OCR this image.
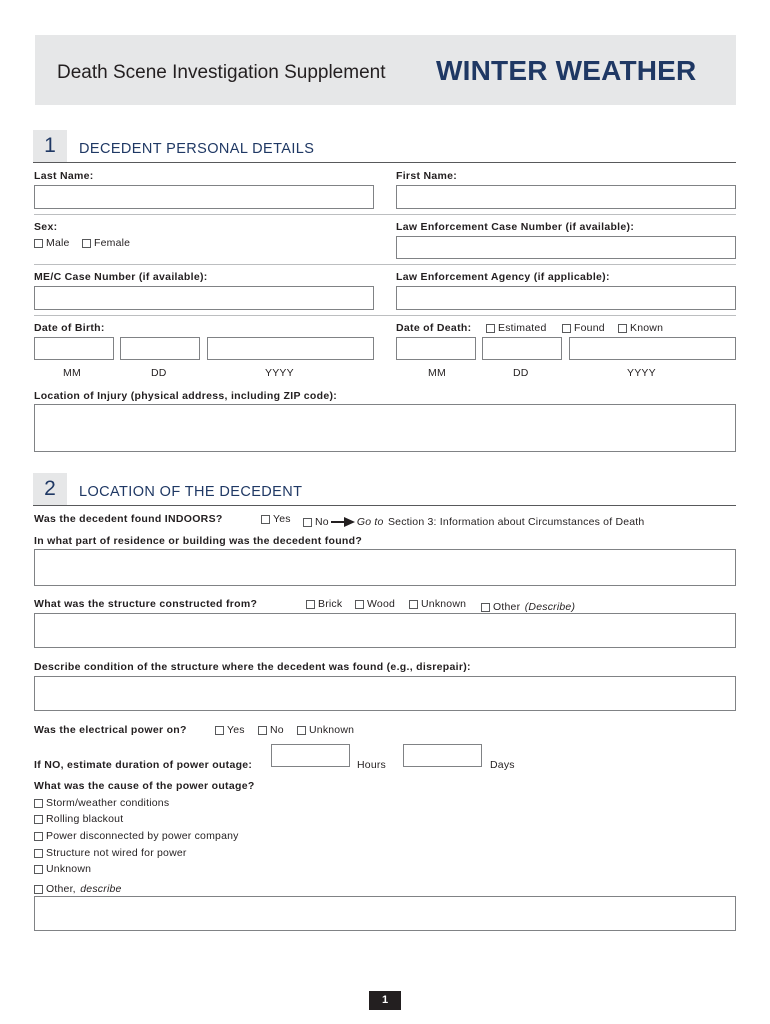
Death Scene Investigation Supplement WINTER WEATHER
1	DECEDENT PERSONAL DETAILS
Last Name:	First Name:
Sex:
Male Female
Law Enforcement Case Number (if available):
ME/C Case Number (if available):	Law Enforcement Agency (if applicable):
Date of Birth:	Date of Death:	Estimated	Found Known
MM	DD	YYYY	MM	DD	YYYY
Location of Injury (physical address, including ZIP code):
2	LOCATION OF THE DECEDENT
Was the decedent found INDOORS?	Yes No	Go to
Section 3: Information about Circumstances of Death
In what part of residence or building was the decedent found?
What was the structure constructed from?	Brick Wood Unknown	Other
(Describe)
Describe condition of the structure where the decedent was found (e.g., disrepair):
Was the electrical power on?	Yes No Unknown
If NO, estimate duration of power outage:	Hours	Days
What was the cause of the power outage?
Storm/weather conditions
Rolling blackout
Power disconnected by power company
Structure not wired for power
Unknown
Other,
describe
1
